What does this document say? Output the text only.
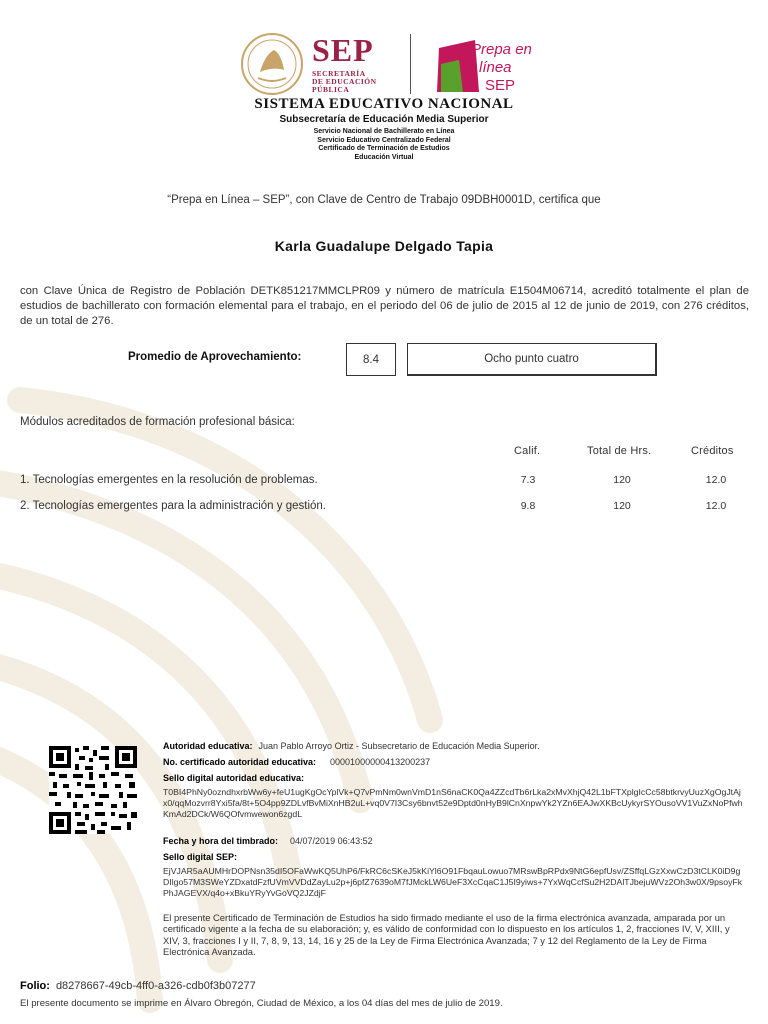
SEP
SECRETARÍA
DE EDUCACIÓN
PÚBLICA
Prepa en
línea
SEP
SISTEMA EDUCATIVO NACIONAL
Subsecretaría de Educación Media Superior
Servicio Nacional de Bachillerato en Línea
Servicio Educativo Centralizado Federal
Certificado de Terminación de Estudios
Educación Virtual
“Prepa en Línea – SEP”, con Clave de Centro de Trabajo 09DBH0001D, certifica que
Karla Guadalupe Delgado Tapia
con Clave Única de Registro de Población DETK851217MMCLPR09 y número de matrícula E1504M06714, acreditó totalmente el plan de estudios de bachillerato con formación elemental para el trabajo, en el periodo del 06 de julio de 2015 al 12 de junio de 2019, con 276 créditos, de un total de 276.
Promedio de Aprovechamiento:	8.4	Ocho punto cuatro
Módulos acreditados de formación profesional básica:
Calif.	Total de Hrs.	Créditos
1. Tecnologías emergentes en la resolución de problemas.	7.3	120	12.0
2. Tecnologías emergentes para la administración y gestión.	9.8	120	12.0
Autoridad educativa: Juan Pablo Arroyo Ortiz - Subsecretario de Educación Media Superior.
No. certificado autoridad educativa: 00001000000413200237
Sello digital autoridad educativa:
T0BI4PhNy0ozndhxrbWw6y+feU1ugKgOcYplVk+Q7vPmNm0wnVmD1nS6naCK0Qa4ZZcdTb6rLka2xMvXhjQ42L1bFTXplgIcCc58btkrvyUuzXgOgJtAjx0/qqMozvrr8Yxi5fa/8t+5O4pp9ZDLvfBvMiXnHB2uL+vq0V7I3Csy6bnvt52e9Dptd0nHyB9lCnXnpwYk2YZn6EAJwXKBcUykyrSYOusoVV1VuZxNoPfwhKmAd2DCk/W6QOfvmwewon6zgdL
Fecha y hora del timbrado: 04/07/2019 06:43:52
Sello digital SEP:
EjVJAR5aAUMHrDOPNsn35dI5OFaWwKQ5UhP6/FkRC6cSKeJ5kKiYl6O91FbqauLowuo7MRswBpRPdx9NtG6epfUsv/ZSffqLGzXxwCzD3tCLK0iD9gDIlgo57M3SWeYZDxatdFzfUVmVVDdZayLu2p+j6pfZ7639oM7fJMckLW6UeF3XcCqaC1J5I9yiws+7YxWqCcfSu2H2DAlTJbejuWVz2Oh3w0X/9psoyFkPhJAGEVX/q4o+xBkuYRyYvGoVQ2JZdjF
El presente Certificado de Terminación de Estudios ha sido firmado mediante el uso de la firma electrónica avanzada, amparada por un certificado vigente a la fecha de su elaboración; y, es válido de conformidad con lo dispuesto en los artículos 1, 2, fracciones IV, V, XIII, y XIV, 3, fracciones I y II, 7, 8, 9, 13, 14, 16 y 25 de la Ley de Firma Electrónica Avanzada; 7 y 12 del Reglamento de la Ley de Firma Electrónica Avanzada.
Folio: d8278667-49cb-4ff0-a326-cdb0f3b07277
El presente documento se imprime en Álvaro Obregón, Ciudad de México, a los 04 días del mes de julio de 2019.
